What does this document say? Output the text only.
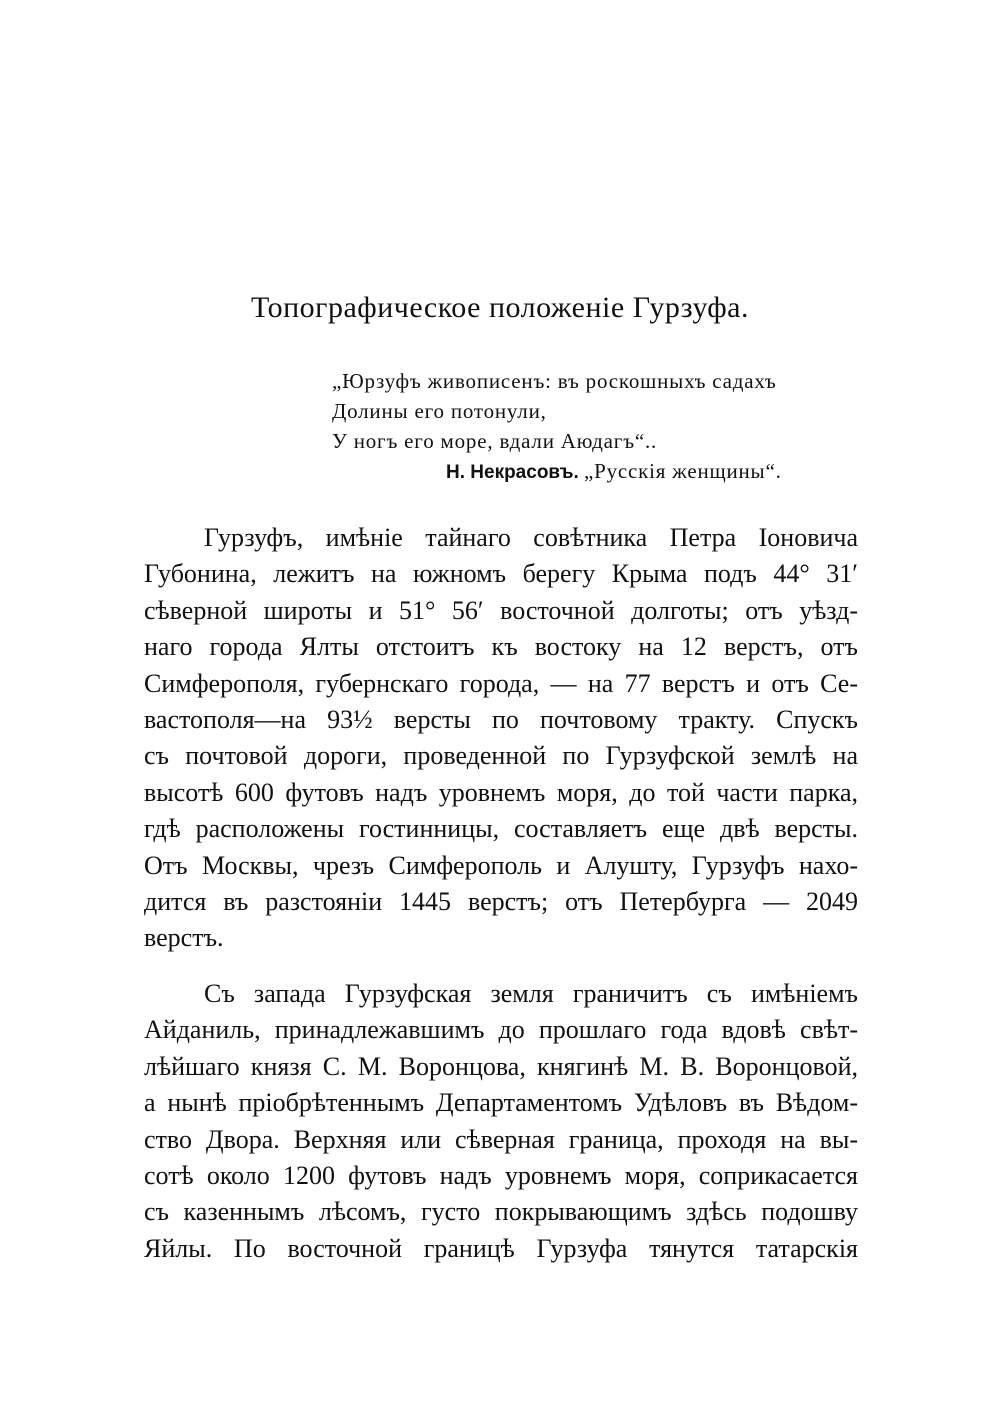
Топографическое положеніе Гурзуфа.
„Юрзуфъ живописенъ: въ роскошныхъ садахъ
Долины его потонули,
У ногъ его море, вдали Аюдагъ“..
Н. Некрасовъ. „Русскія женщины“.
Гурзуфъ, имѣніе тайнаго совѣтника Петра Іоновича
Губонина, лежитъ на южномъ берегу Крыма подъ 44° 31′
сѣверной широты и 51° 56′ восточной долготы; отъ уѣзд-
наго города Ялты отстоитъ къ востоку на 12 верстъ, отъ
Симферополя, губернскаго города, — на 77 верстъ и отъ Се-
вастополя—на 93½ версты по почтовому тракту. Спускъ
съ почтовой дороги, проведенной по Гурзуфской землѣ на
высотѣ 600 футовъ надъ уровнемъ моря, до той части парка,
гдѣ расположены гостинницы, составляетъ еще двѣ версты.
Отъ Москвы, чрезъ Симферополь и Алушту, Гурзуфъ нахо-
дится въ разстояніи 1445 верстъ; отъ Петербурга — 2049
верстъ.
Съ запада Гурзуфская земля граничитъ съ имѣніемъ
Айданиль, принадлежавшимъ до прошлаго года вдовѣ свѣт-
лѣйшаго князя С. М. Воронцова, княгинѣ М. В. Воронцовой,
а нынѣ пріобрѣтеннымъ Департаментомъ Удѣловъ въ Вѣдом-
ство Двора. Верхняя или сѣверная граница, проходя на вы-
сотѣ около 1200 футовъ надъ уровнемъ моря, соприкасается
съ казеннымъ лѣсомъ, густо покрывающимъ здѣсь подошву
Яйлы. По восточной границѣ Гурзуфа тянутся татарскія
